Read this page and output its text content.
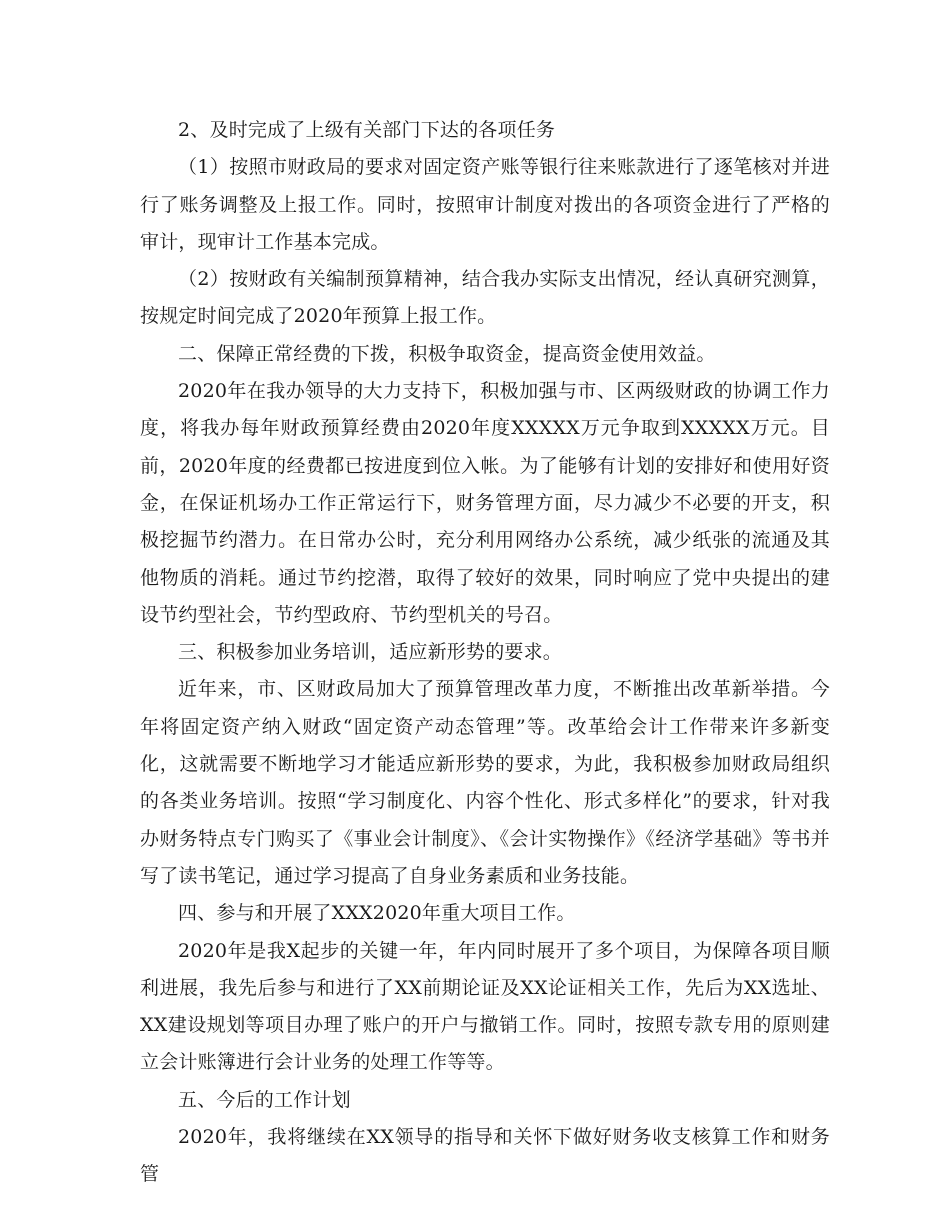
2、及时完成了上级有关部门下达的各项任务

（1）按照市财政局的要求对固定资产账等银行往来账款进行了逐笔核对并进行了账务调整及上报工作。同时，按照审计制度对拨出的各项资金进行了严格的审计，现审计工作基本完成。

（2）按财政有关编制预算精神，结合我办实际支出情况，经认真研究测算，按规定时间完成了2020年预算上报工作。

二、保障正常经费的下拨，积极争取资金，提高资金使用效益。

2020年在我办领导的大力支持下，积极加强与市、区两级财政的协调工作力度，将我办每年财政预算经费由2020年度XXXXX万元争取到XXXXX万元。目前，2020年度的经费都已按进度到位入帐。为了能够有计划的安排好和使用好资金，在保证机场办工作正常运行下，财务管理方面，尽力减少不必要的开支，积极挖掘节约潜力。在日常办公时，充分利用网络办公系统，减少纸张的流通及其他物质的消耗。通过节约挖潜，取得了较好的效果，同时响应了党中央提出的建设节约型社会，节约型政府、节约型机关的号召。

三、积极参加业务培训，适应新形势的要求。

近年来，市、区财政局加大了预算管理改革力度，不断推出改革新举措。今年将固定资产纳入财政“固定资产动态管理”等。改革给会计工作带来许多新变化，这就需要不断地学习才能适应新形势的要求，为此，我积极参加财政局组织的各类业务培训。按照“学习制度化、内容个性化、形式多样化”的要求，针对我办财务特点专门购买了《事业会计制度》、《会计实物操作》《经济学基础》等书并写了读书笔记，通过学习提高了自身业务素质和业务技能。

四、参与和开展了XXX2020年重大项目工作。

2020年是我X起步的关键一年，年内同时展开了多个项目，为保障各项目顺利进展，我先后参与和进行了XX前期论证及XX论证相关工作，先后为XX选址、XX建设规划等项目办理了账户的开户与撤销工作。同时，按照专款专用的原则建立会计账簿进行会计业务的处理工作等等。

五、今后的工作计划

2020年，我将继续在XX领导的指导和关怀下做好财务收支核算工作和财务管
